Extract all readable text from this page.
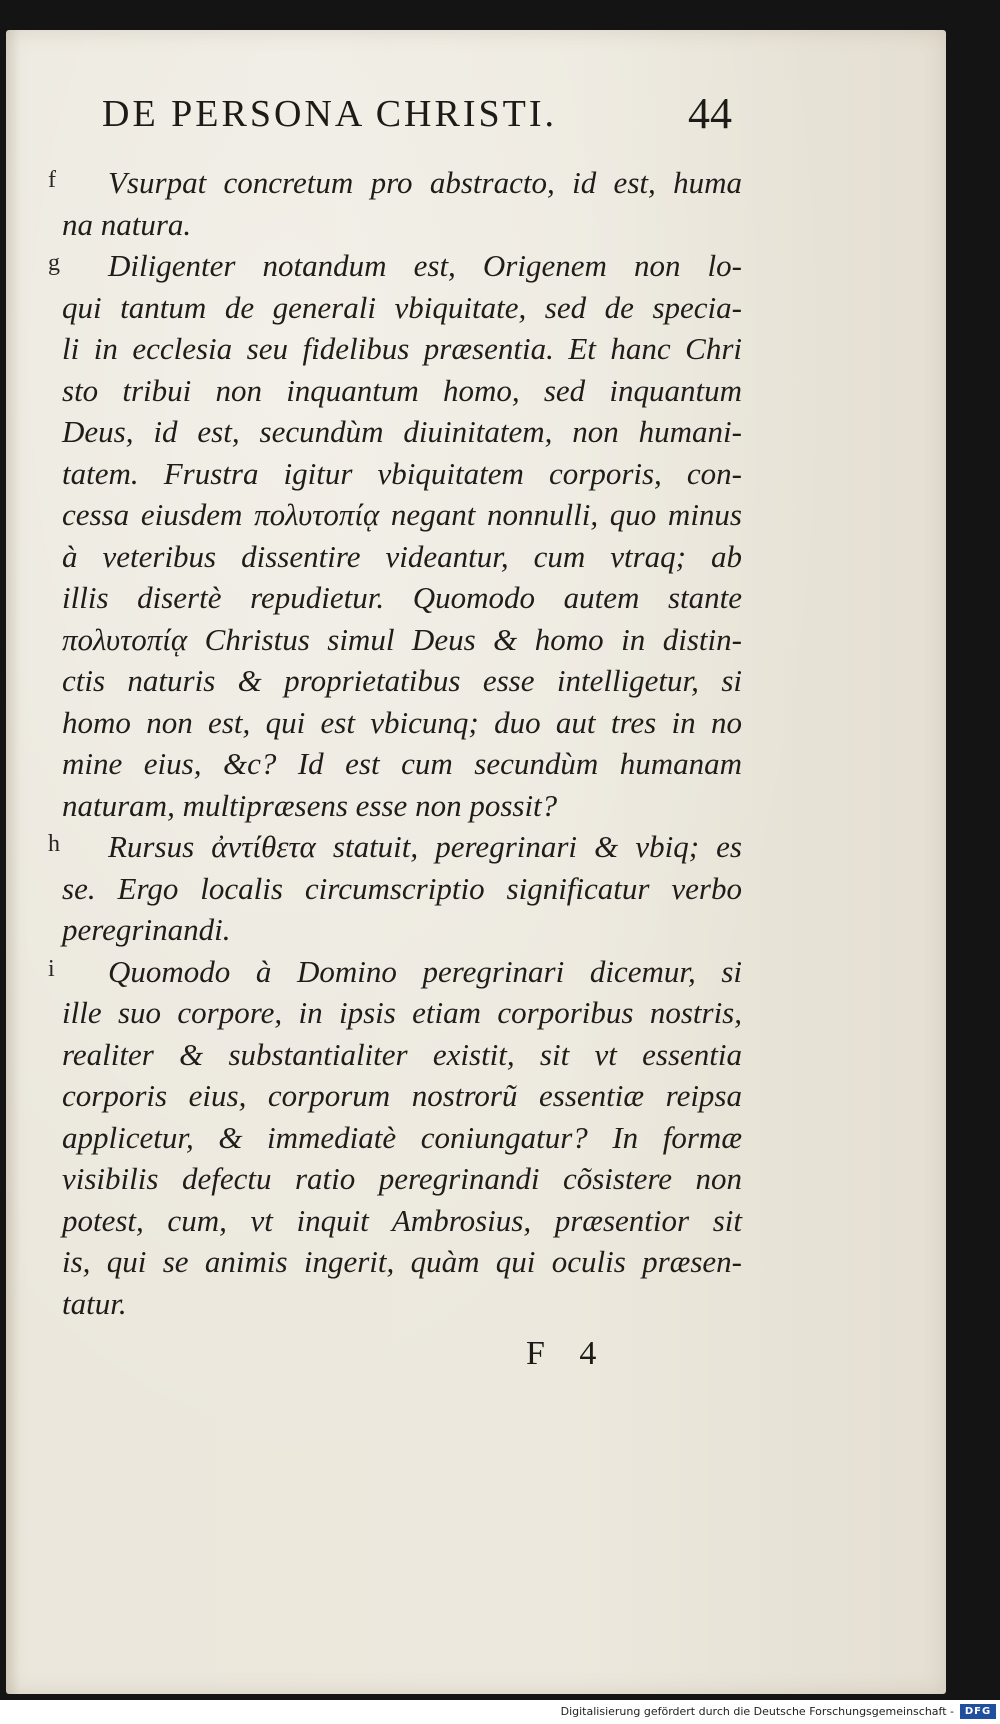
DE PERSONA CHRISTI.	44
f Vsurpat concretum pro abstracto, id est, huma
na natura.
g Diligenter notandum est, Origenem non lo-
qui tantum de generali vbiquitate, sed de specia-
li in ecclesia seu fidelibus præsentia. Et hanc Chri
sto tribui non inquantum homo, sed inquantum
Deus, id est, secundùm diuinitatem, non humani-
tatem. Frustra igitur vbiquitatem corporis, con-
cessa eiusdem πολυτοπίᾳ negant nonnulli, quo minus
à veteribus dissentire videantur, cum vtraq; ab
illis disertè repudietur. Quomodo autem stante
πολυτοπίᾳ Christus simul Deus & homo in distin-
ctis naturis & proprietatibus esse intelligetur, si
homo non est, qui est vbicunq; duo aut tres in no
mine eius, &c? Id est cum secundùm humanam
naturam, multipræsens esse non possit?
h Rursus ἀντίθετα statuit, peregrinari & vbiq; es
se. Ergo localis circumscriptio significatur verbo
peregrinandi.
i Quomodo à Domino peregrinari dicemur, si
ille suo corpore, in ipsis etiam corporibus nostris,
realiter & substantialiter existit, sit vt essentia
corporis eius, corporum nostrorũ essentiæ reipsa
applicetur, & immediatè coniungatur? In formæ
visibilis defectu ratio peregrinandi cõsistere non
potest, cum, vt inquit Ambrosius, præsentior sit
is, qui se animis ingerit, quàm qui oculis præsen-
tatur.
F 4
Digitalisierung gefördert durch die Deutsche Forschungsgemeinschaft -	DFG
